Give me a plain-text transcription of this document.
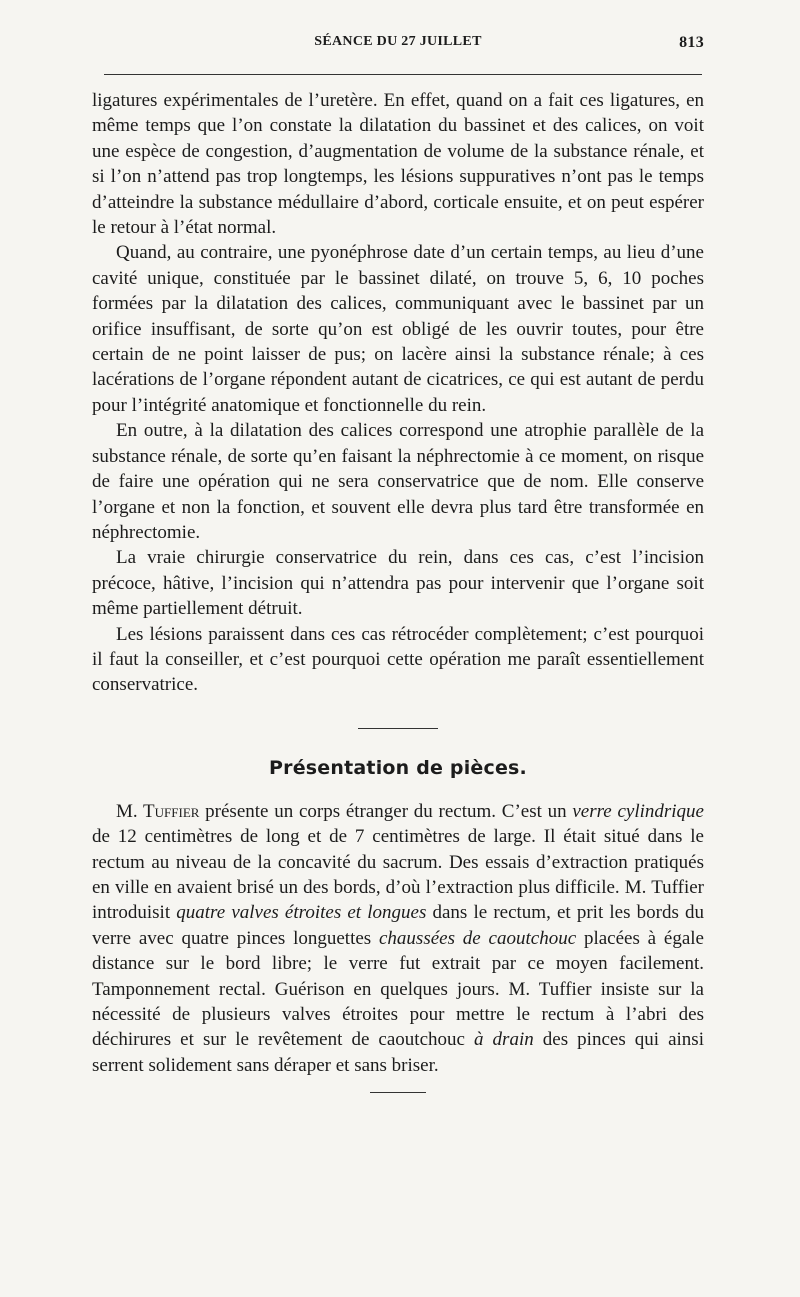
SÉANCE DU 27 JUILLET	813

ligatures expérimentales de l’uretère. En effet, quand on a fait ces ligatures, en même temps que l’on constate la dilatation du bassinet et des calices, on voit une espèce de congestion, d’augmentation de volume de la substance rénale, et si l’on n’attend pas trop longtemps, les lésions suppuratives n’ont pas le temps d’atteindre la substance médullaire d’abord, corticale ensuite, et on peut espérer le retour à l’état normal.

Quand, au contraire, une pyonéphrose date d’un certain temps, au lieu d’une cavité unique, constituée par le bassinet dilaté, on trouve 5, 6, 10 poches formées par la dilatation des calices, communiquant avec le bassinet par un orifice insuffisant, de sorte qu’on est obligé de les ouvrir toutes, pour être certain de ne point laisser de pus; on lacère ainsi la substance rénale; à ces lacérations de l’organe répondent autant de cicatrices, ce qui est autant de perdu pour l’intégrité anatomique et fonctionnelle du rein.

En outre, à la dilatation des calices correspond une atrophie parallèle de la substance rénale, de sorte qu’en faisant la néphrectomie à ce moment, on risque de faire une opération qui ne sera conservatrice que de nom. Elle conserve l’organe et non la fonction, et souvent elle devra plus tard être transformée en néphrectomie.

La vraie chirurgie conservatrice du rein, dans ces cas, c’est l’incision précoce, hâtive, l’incision qui n’attendra pas pour intervenir que l’organe soit même partiellement détruit.

Les lésions paraissent dans ces cas rétrocéder complètement; c’est pourquoi il faut la conseiller, et c’est pourquoi cette opération me paraît essentiellement conservatrice.

Présentation de pièces.

M. Tuffier présente un corps étranger du rectum. C’est un verre cylindrique de 12 centimètres de long et de 7 centimètres de large. Il était situé dans le rectum au niveau de la concavité du sacrum. Des essais d’extraction pratiqués en ville en avaient brisé un des bords, d’où l’extraction plus difficile. M. Tuffier introduisit quatre valves étroites et longues dans le rectum, et prit les bords du verre avec quatre pinces longuettes chaussées de caoutchouc placées à égale distance sur le bord libre; le verre fut extrait par ce moyen facilement. Tamponnement rectal. Guérison en quelques jours. M. Tuffier insiste sur la nécessité de plusieurs valves étroites pour mettre le rectum à l’abri des déchirures et sur le revêtement de caoutchouc à drain des pinces qui ainsi serrent solidement sans déraper et sans briser.
